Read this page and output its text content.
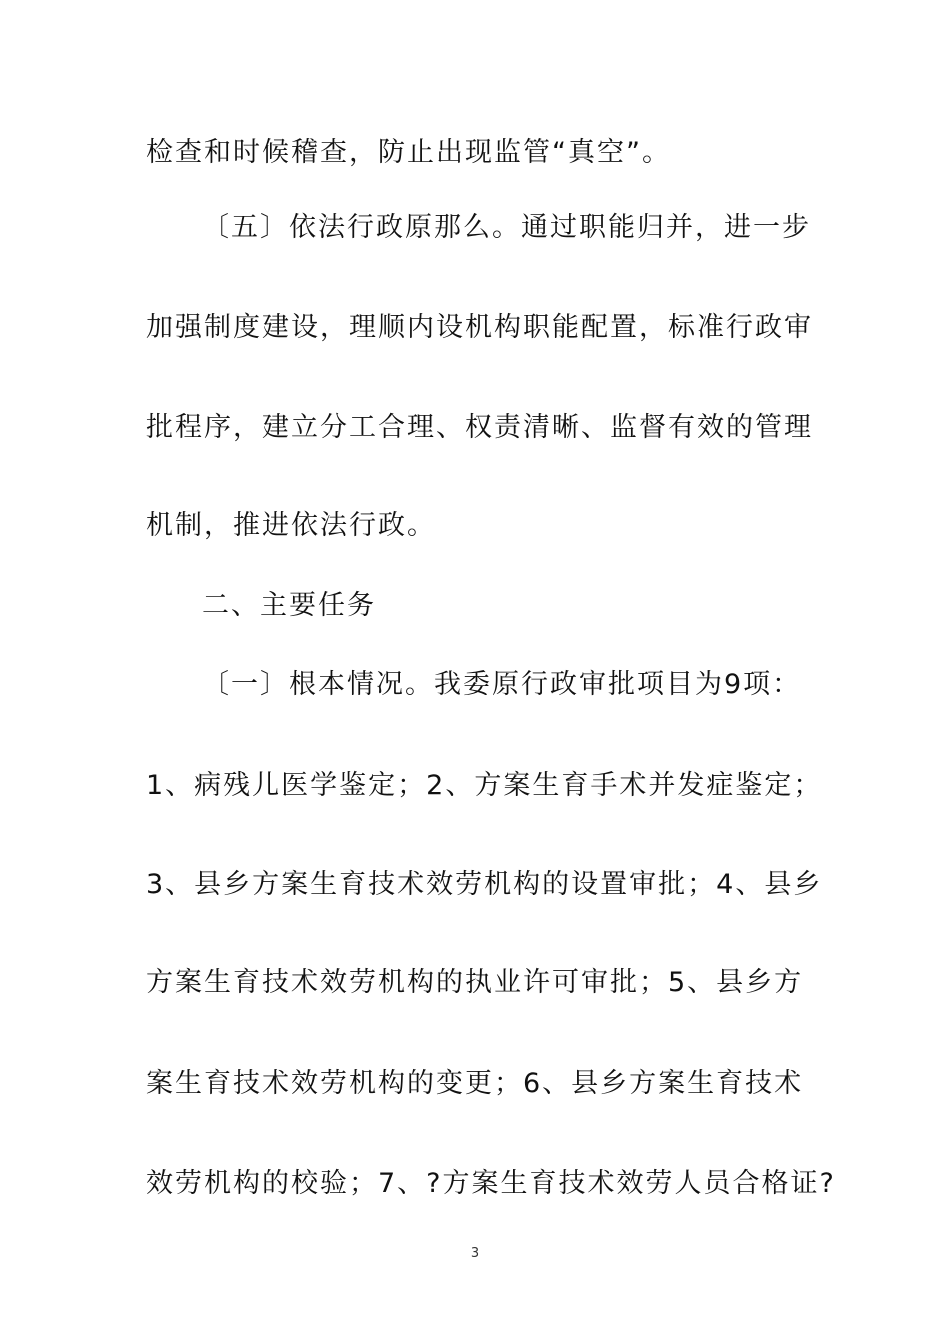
检查和时候稽查，防止出现监管“真空”。
〔五〕依法行政原那么。通过职能归并，进一步
加强制度建设，理顺内设机构职能配置，标准行政审
批程序，建立分工合理、权责清晰、监督有效的管理
机制，推进依法行政。
二、主要任务
〔一〕根本情况。我委原行政审批项目为9项：
1、病残儿医学鉴定；2、方案生育手术并发症鉴定；
3、县乡方案生育技术效劳机构的设置审批；4、县乡
方案生育技术效劳机构的执业许可审批；5、县乡方
案生育技术效劳机构的变更；6、县乡方案生育技术
效劳机构的校验；7、?方案生育技术效劳人员合格证?
3
